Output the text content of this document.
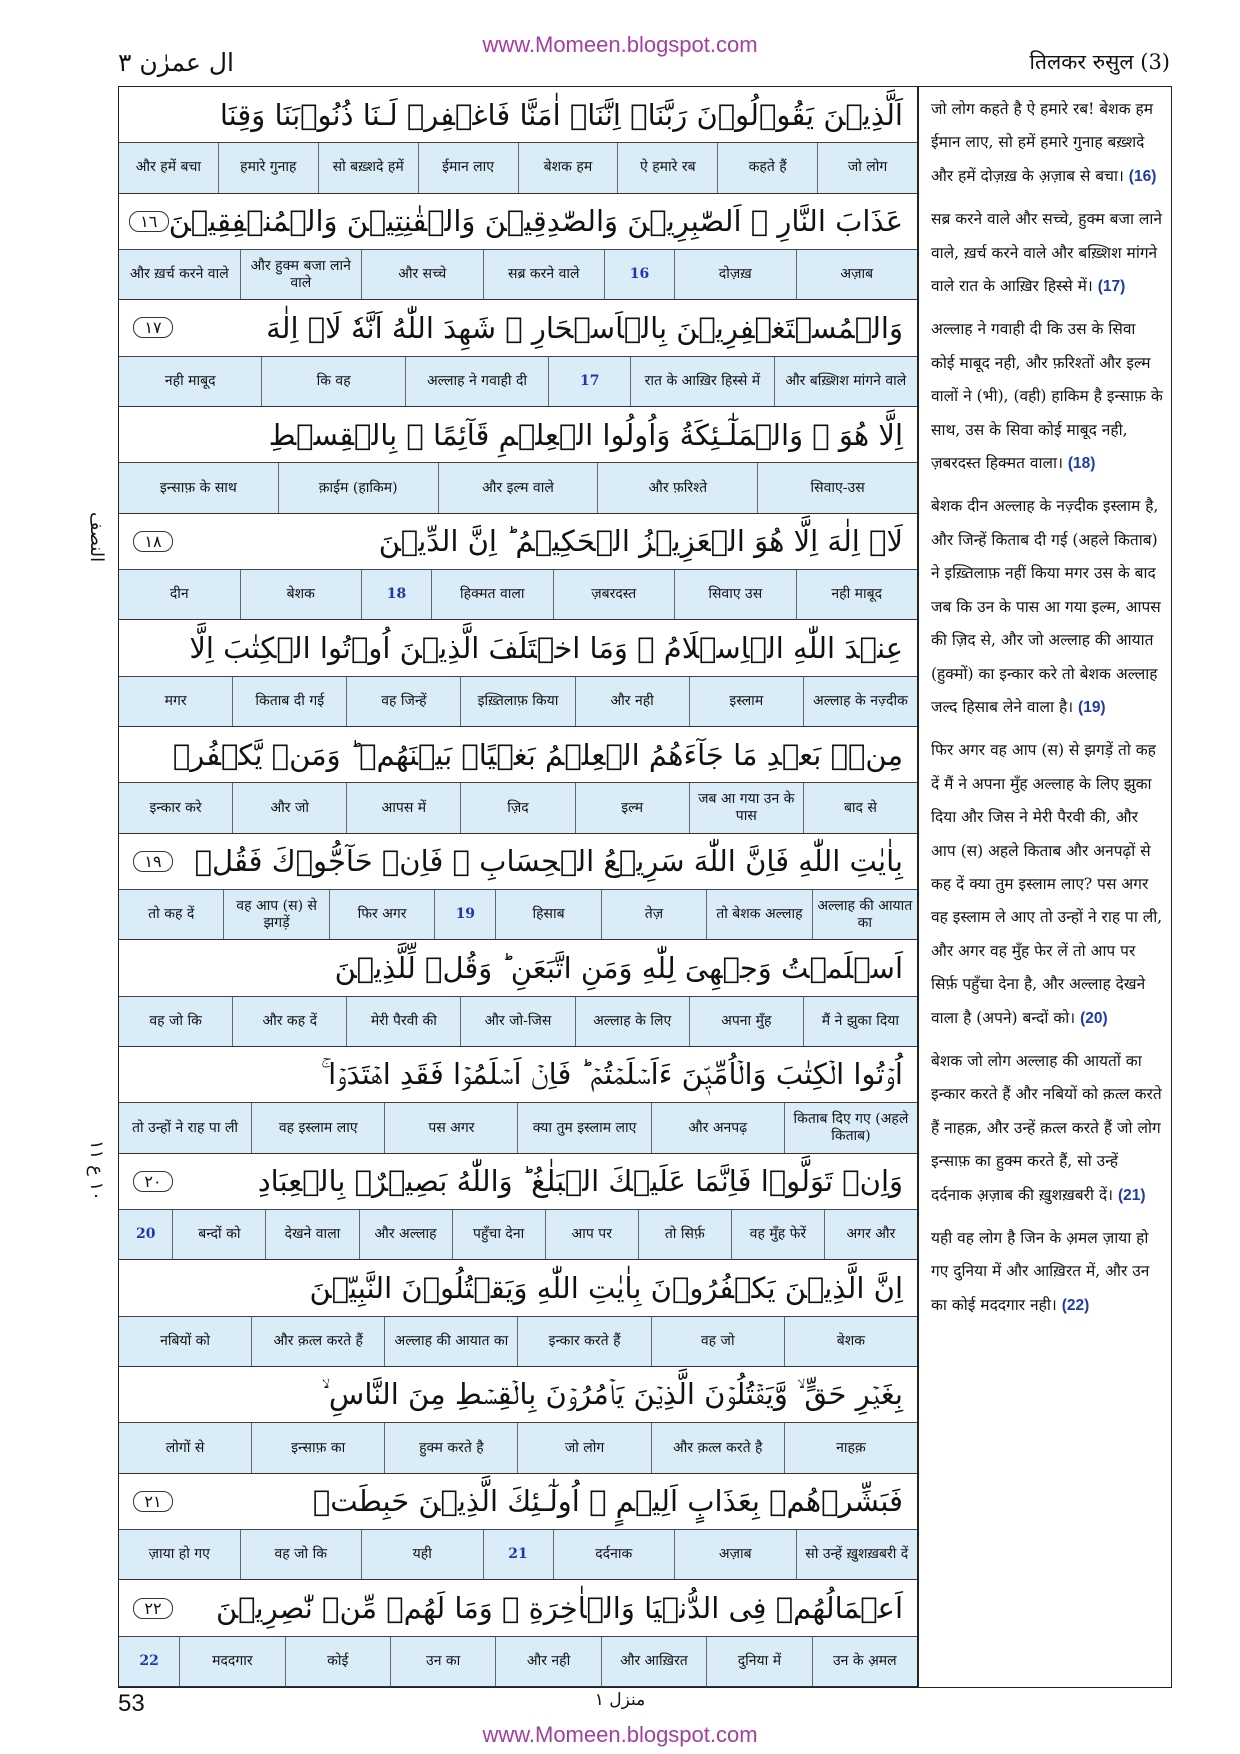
www.Momeen.blogspot.com
ال عمرٰن ٣	तिलकर रुसुल (3)
النصف
١٠ ع ١١
اَلَّذِيۡنَ يَقُوۡلُوۡنَ رَبَّنَاۤ اِنَّنَاۤ اٰمَنَّا فَاغۡفِرۡ لَـنَا ذُنُوۡبَنَا وَقِنَا
जो लोग
कहते हैं
ऐ हमारे रब
बेशक हम
ईमान लाए
सो बख़्शदे हमें
हमारे गुनाह
और हमें बचा
عَذَابَ النَّارِ ۚ اَلصّٰبِرِيۡنَ وَالصّٰدِقِيۡنَ وَالۡقٰنِتِيۡنَ وَالۡمُنۡفِقِيۡنَ
١٦
अज़ाब
दोज़ख़
16
सब्र करने वाले
और सच्चे
और हुक्म बजा लाने वाले
और ख़र्च करने वाले
وَالۡمُسۡتَغۡفِرِيۡنَ بِالۡاَسۡحَارِ ۚ شَهِدَ اللّٰهُ اَنَّهٗ لَاۤ اِلٰهَ
١٧
और बख़्शिश मांगने वाले
रात के आख़िर हिस्से में
17
अल्लाह ने गवाही दी
कि वह
नही माबूद
اِلَّا هُوَ ۙ وَالۡمَلٰٓـئِكَةُ وَاُولُوا الۡعِلۡمِ قَآئِمًا ۢ بِالۡقِسۡطِ
सिवाए-उस
और फ़रिश्ते
और इल्म वाले
क़ाईम (हाकिम)
इन्साफ़ के साथ
لَاۤ اِلٰهَ اِلَّا هُوَ الۡعَزِيۡزُ الۡحَكِيۡمُ ؕ اِنَّ الدِّيۡنَ
١٨
नही माबूद
सिवाए उस
ज़बरदस्त
हिक्मत वाला
18
बेशक
दीन
عِنۡدَ اللّٰهِ الۡاِسۡلَامُ ۗ وَمَا اخۡتَلَفَ الَّذِيۡنَ اُوۡتُوا الۡكِتٰبَ اِلَّا
अल्लाह के नज़्दीक
इस्लाम
और नही
इख़्तिलाफ़ किया
वह जिन्हें
किताब दी गई
मगर
مِنۡۢ بَعۡدِ مَا جَآءَهُمُ الۡعِلۡمُ بَغۡيًاۢ بَيۡنَهُمۡ ؕ وَمَنۡ يَّكۡفُرۡ
बाद से
जब आ गया उन के पास
इल्म
ज़िद
आपस में
और जो
इन्कार करे
بِاٰيٰتِ اللّٰهِ فَاِنَّ اللّٰهَ سَرِيۡعُ الۡحِسَابِ ۚ فَاِنۡ حَآجُّوۡكَ فَقُلۡ
١٩
अल्लाह की आयात का
तो बेशक अल्लाह
तेज़
हिसाब
19
फिर अगर
वह आप (स) से झगड़ें
तो कह दें
اَسۡلَمۡتُ وَجۡهِىَ لِلّٰهِ وَمَنِ اتَّبَعَنِ ؕ وَقُلۡ لِّلَّذِيۡنَ
मैं ने झुका दिया
अपना मुँह
अल्लाह के लिए
और जो-जिस
मेरी पैरवी की
और कह दें
वह जो कि
اُوۡتُوا الۡكِتٰبَ وَالۡاُمِّيّٖنَ ءَاَسۡلَمۡتُمۡ ؕ فَاِنۡ اَسۡلَمُوۡا فَقَدِ اهۡتَدَوۡا ۚ
किताब दिए गए (अहले किताब)
और अनपढ़
क्या तुम इस्लाम लाए
पस अगर
वह इस्लाम लाए
तो उन्हों ने राह पा ली
وَاِنۡ تَوَلَّوۡا فَاِنَّمَا عَلَيۡكَ الۡبَلٰغُ ؕ وَاللّٰهُ بَصِيۡرٌۢ بِالۡعِبَادِ
٢٠
अगर और
वह मुँह फेरें
तो सिर्फ़
आप पर
पहुँचा देना
और अल्लाह
देखने वाला
बन्दों को
20
اِنَّ الَّذِيۡنَ يَكۡفُرُوۡنَ بِاٰيٰتِ اللّٰهِ وَيَقۡتُلُوۡنَ النَّبِيّٖنَ
बेशक
वह जो
इन्कार करते हैं
अल्लाह की आयात का
और क़त्ल करते हैं
नबियों को
بِغَيۡرِ حَقٍّ ۙ وَّيَقۡتُلُوۡنَ الَّذِيۡنَ يَاۡمُرُوۡنَ بِالۡقِسۡطِ مِنَ النَّاسِ ۙ
नाहक़
और क़त्ल करते है
जो लोग
हुक्म करते है
इन्साफ़ का
लोगों से
فَبَشِّرۡهُمۡ بِعَذَابٍ اَلِيۡمٍ ۚ اُولٰٓـئِكَ الَّذِيۡنَ حَبِطَتۡ
٢١
सो उन्हें ख़ुशख़बरी दें
अज़ाब
दर्दनाक
21
यही
वह जो कि
ज़ाया हो गए
اَعۡمَالُهُمۡ فِى الدُّنۡيَا وَالۡاٰخِرَةِ ۚ وَمَا لَهُمۡ مِّنۡ نّٰصِرِيۡنَ
٢٢
उन के अ़मल
दुनिया में
और आख़िरत
और नही
उन का
कोई
मददगार
22

जो लोग कहते है ऐ हमारे रब! बेशक हम ईमान लाए, सो हमें हमारे गुनाह बख़्शदे और हमें दोज़ख़ के अ़ज़ाब से बचा। (16)

सब्र करने वाले और सच्चे, हुक्म बजा लाने वाले, ख़र्च करने वाले और बख़्शिश मांगने वाले रात के आख़िर हिस्से में। (17)

अल्लाह ने गवाही दी कि उस के सिवा कोई माबूद नही, और फ़रिश्तों और इल्म वालों ने (भी), (वही) हाकिम है इन्साफ़ के साथ, उस के सिवा कोई माबूद नही, ज़बरदस्त हिक्मत वाला। (18)

बेशक दीन अल्लाह के नज़्दीक इस्लाम है, और जिन्हें किताब दी गई (अहले किताब) ने इख़्तिलाफ़ नहीं किया मगर उस के बाद जब कि उन के पास आ गया इल्म, आपस की ज़िद से, और जो अल्लाह की आयात (हुक्मों) का इन्कार करे तो बेशक अल्लाह जल्द हिसाब लेने वाला है। (19)

फिर अगर वह आप (स) से झगड़ें तो कह दें मैं ने अपना मुँह अल्लाह के लिए झुका दिया और जिस ने मेरी पैरवी की, और आप (स) अहले किताब और अनपढ़ों से कह दें क्या तुम इस्लाम लाए? पस अगर वह इस्लाम ले आए तो उन्हों ने राह पा ली, और अगर वह मुँह फेर लें तो आप पर सिर्फ़ पहुँचा देना है, और अल्लाह देखने वाला है (अपने) बन्दों को। (20)

बेशक जो लोग अल्लाह की आयतों का इन्कार करते हैं और नबियों को क़त्ल करते हैं नाहक़, और उन्हें क़त्ल करते हैं जो लोग इन्साफ़ का हुक्म करते हैं, सो उन्हें दर्दनाक अ़ज़ाब की ख़ुशख़बरी दें। (21)

यही वह लोग है जिन के अ़मल ज़ाया हो गए दुनिया में और आख़िरत में, और उन का कोई मददगार नही। (22)

53	منزل ١
www.Momeen.blogspot.com
